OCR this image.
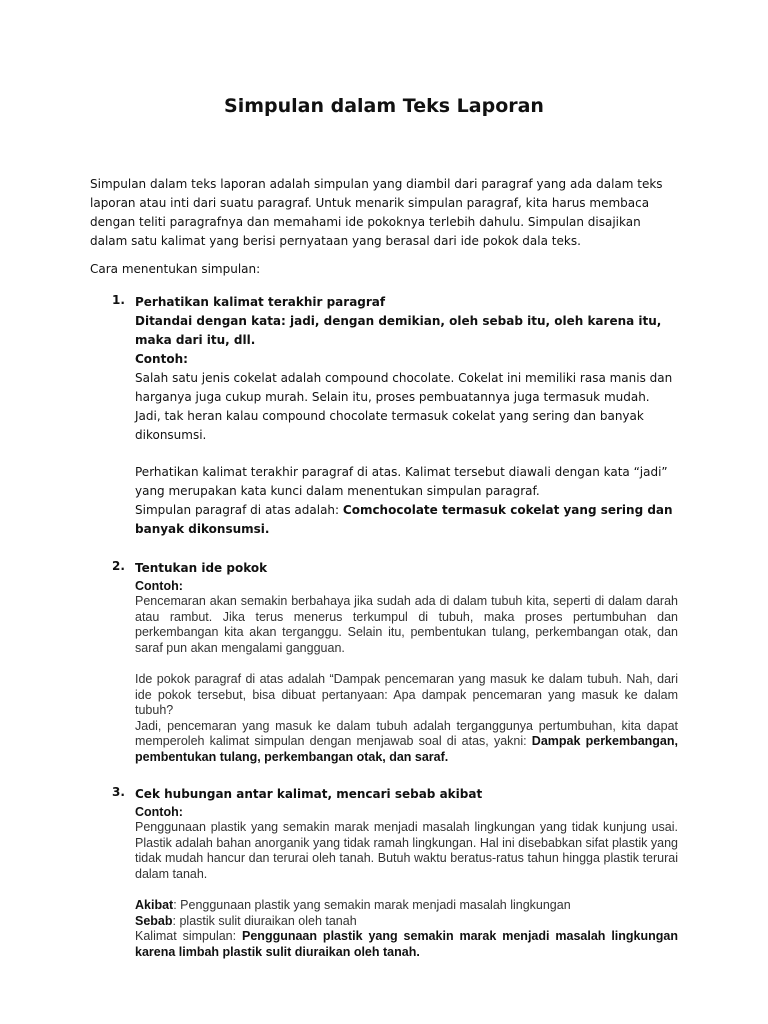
Simpulan dalam Teks Laporan

Simpulan dalam teks laporan adalah simpulan yang diambil dari paragraf yang ada dalam teks laporan atau inti dari suatu paragraf. Untuk menarik simpulan paragraf, kita harus membaca dengan teliti paragrafnya dan memahami ide pokoknya terlebih dahulu. Simpulan disajikan dalam satu kalimat yang berisi pernyataan yang berasal dari ide pokok dala teks.

Cara menentukan simpulan:

1. Perhatikan kalimat terakhir paragraf
Ditandai dengan kata: jadi, dengan demikian, oleh sebab itu, oleh karena itu, maka dari itu, dll.
Contoh:
Salah satu jenis cokelat adalah compound chocolate. Cokelat ini memiliki rasa manis dan harganya juga cukup murah. Selain itu, proses pembuatannya juga termasuk mudah. Jadi, tak heran kalau compound chocolate termasuk cokelat yang sering dan banyak dikonsumsi.
Perhatikan kalimat terakhir paragraf di atas. Kalimat tersebut diawali dengan kata “jadi” yang merupakan kata kunci dalam menentukan simpulan paragraf.
Simpulan paragraf di atas adalah: Comchocolate termasuk cokelat yang sering dan banyak dikonsumsi.
2. Tentukan ide pokok
Contoh:
Pencemaran akan semakin berbahaya jika sudah ada di dalam tubuh kita, seperti di dalam darah atau rambut. Jika terus menerus terkumpul di tubuh, maka proses pertumbuhan dan perkembangan kita akan terganggu. Selain itu, pembentukan tulang, perkembangan otak, dan saraf pun akan mengalami gangguan.
Ide pokok paragraf di atas adalah “Dampak pencemaran yang masuk ke dalam tubuh. Nah, dari ide pokok tersebut, bisa dibuat pertanyaan: Apa dampak pencemaran yang masuk ke dalam tubuh?
Jadi, pencemaran yang masuk ke dalam tubuh adalah terganggunya pertumbuhan, kita dapat memperoleh kalimat simpulan dengan menjawab soal di atas, yakni: Dampak perkembangan, pembentukan tulang, perkembangan otak, dan saraf.
3. Cek hubungan antar kalimat, mencari sebab akibat
Contoh:
Penggunaan plastik yang semakin marak menjadi masalah lingkungan yang tidak kunjung usai. Plastik adalah bahan anorganik yang tidak ramah lingkungan. Hal ini disebabkan sifat plastik yang tidak mudah hancur dan terurai oleh tanah. Butuh waktu beratus-ratus tahun hingga plastik terurai dalam tanah.
Akibat: Penggunaan plastik yang semakin marak menjadi masalah lingkungan
Sebab: plastik sulit diuraikan oleh tanah
Kalimat simpulan: Penggunaan plastik yang semakin marak menjadi masalah lingkungan karena limbah plastik sulit diuraikan oleh tanah.
